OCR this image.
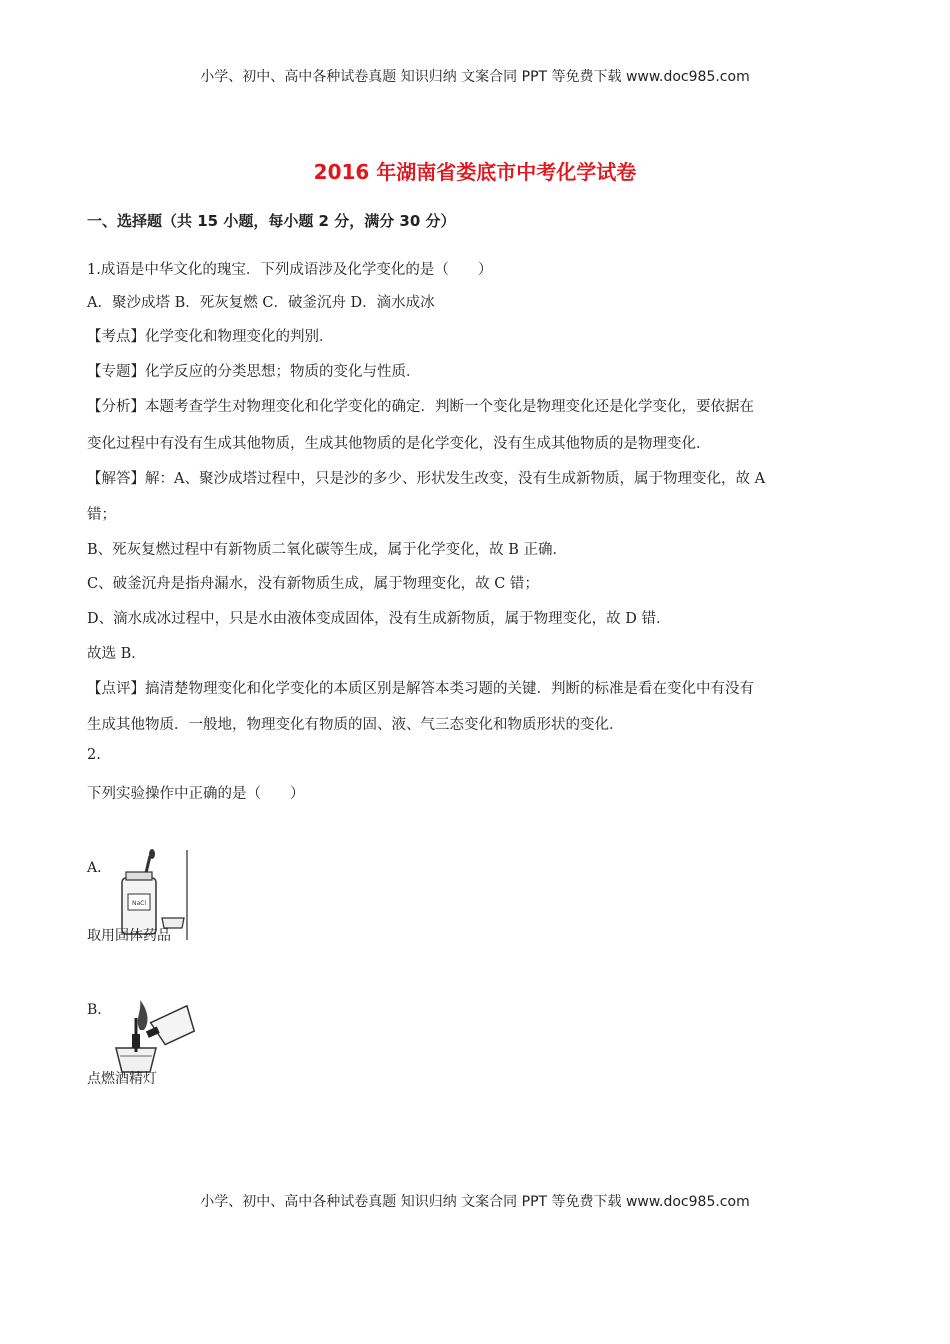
小学、初中、高中各种试卷真题 知识归纳 文案合同 PPT 等免费下载 www.doc985.com
2016 年湖南省娄底市中考化学试卷
一、选择题（共 15 小题，每小题 2 分，满分 30 分）
1.成语是中华文化的瑰宝．下列成语涉及化学变化的是（　　）
A．聚沙成塔 B．死灰复燃 C．破釜沉舟 D．滴水成冰
【考点】化学变化和物理变化的判别．
【专题】化学反应的分类思想；物质的变化与性质．
【分析】本题考查学生对物理变化和化学变化的确定．判断一个变化是物理变化还是化学变化，要依据在
变化过程中有没有生成其他物质，生成其他物质的是化学变化，没有生成其他物质的是物理变化．
【解答】解：A、聚沙成塔过程中，只是沙的多少、形状发生改变，没有生成新物质，属于物理变化，故 A
错；
B、死灰复燃过程中有新物质二氧化碳等生成，属于化学变化，故 B 正确．
C、破釜沉舟是指舟漏水，没有新物质生成，属于物理变化，故 C 错；
D、滴水成冰过程中，只是水由液体变成固体，没有生成新物质，属于物理变化，故 D 错．
故选 B．
【点评】搞清楚物理变化和化学变化的本质区别是解答本类习题的关键．判断的标准是看在变化中有没有
生成其他物质．一般地，物理变化有物质的固、液、气三态变化和物质形状的变化．
2.
下列实验操作中正确的是（　　）
A．
NaCl
取用固体药品
B．
点燃酒精灯
小学、初中、高中各种试卷真题 知识归纳 文案合同 PPT 等免费下载 www.doc985.com
